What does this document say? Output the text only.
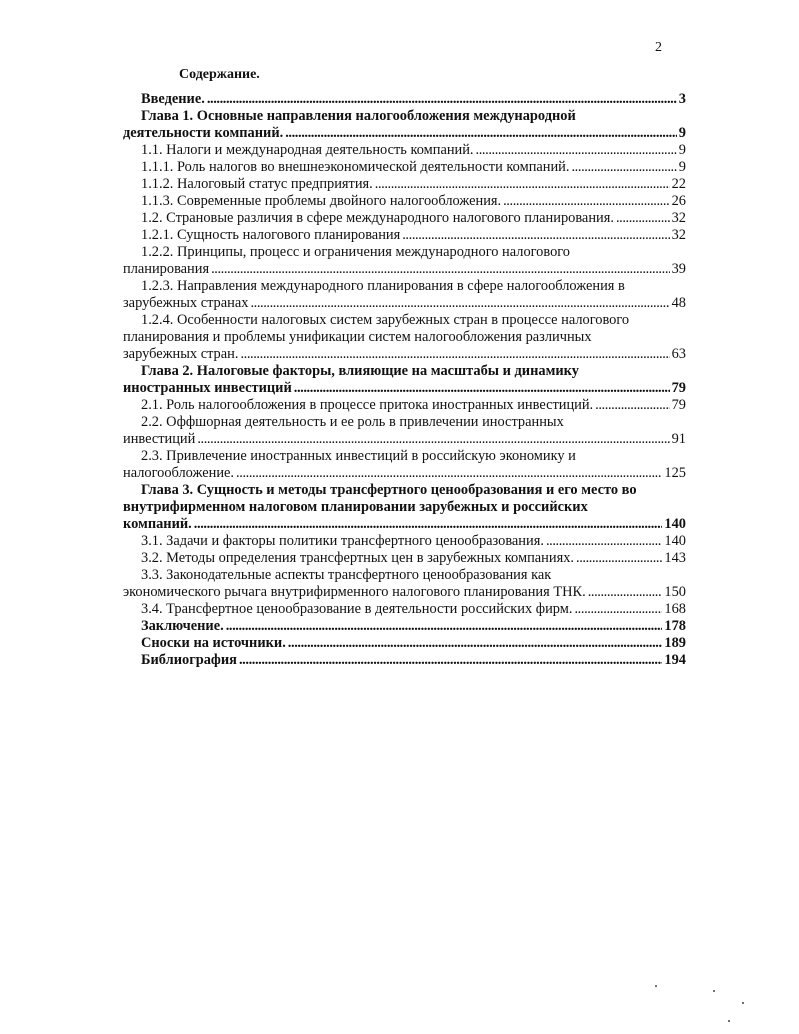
2
Содержание.
Введение. . . .	3
Глава 1. Основные направления налогообложения международной
деятельности компаний. . . .	9
1.1. Налоги и международная деятельность компаний. . . .	9
1.1.1. Роль налогов во внешнеэкономической деятельности компаний. . . .	9
1.1.2. Налоговый статус предприятия. . . .	22
1.1.3. Современные проблемы двойного налогообложения. . . .	26
1.2. Страновые различия в сфере международного налогового планирования. . . .	32
1.2.1. Сущность налогового планирования . . .	32
1.2.2. Принципы, процесс и ограничения международного налогового
планирования . . .	39
1.2.3. Направления международного планирования в сфере налогообложения в
зарубежных странах . . .	48
1.2.4. Особенности налоговых систем зарубежных стран в процессе налогового
планирования и проблемы унификации систем налогообложения различных
зарубежных стран. . . .	63
Глава 2. Налоговые факторы, влияющие на масштабы и динамику
иностранных инвестиций . . .	79
2.1. Роль налогообложения в процессе притока иностранных инвестиций. . . .	79
2.2. Оффшорная деятельность и ее роль в привлечении иностранных
инвестиций . . .	91
2.3. Привлечение иностранных инвестиций в российскую экономику и
налогообложение. . . .	125
Глава 3. Сущность и методы трансфертного ценообразования и его место во
внутрифирменном налоговом планировании зарубежных и российских
компаний. . . .	140
3.1. Задачи и факторы политики трансфертного ценообразования. . . .	140
3.2. Методы определения трансфертных цен в зарубежных компаниях. . . .	143
3.3. Законодательные аспекты трансфертного ценообразования как
экономического рычага внутрифирменного налогового планирования ТНК. . . .	150
3.4. Трансфертное ценообразование в деятельности российских фирм. . . .	168
Заключение. . . .	178
Сноски на источники. . . .	189
Библиография . . .	194
